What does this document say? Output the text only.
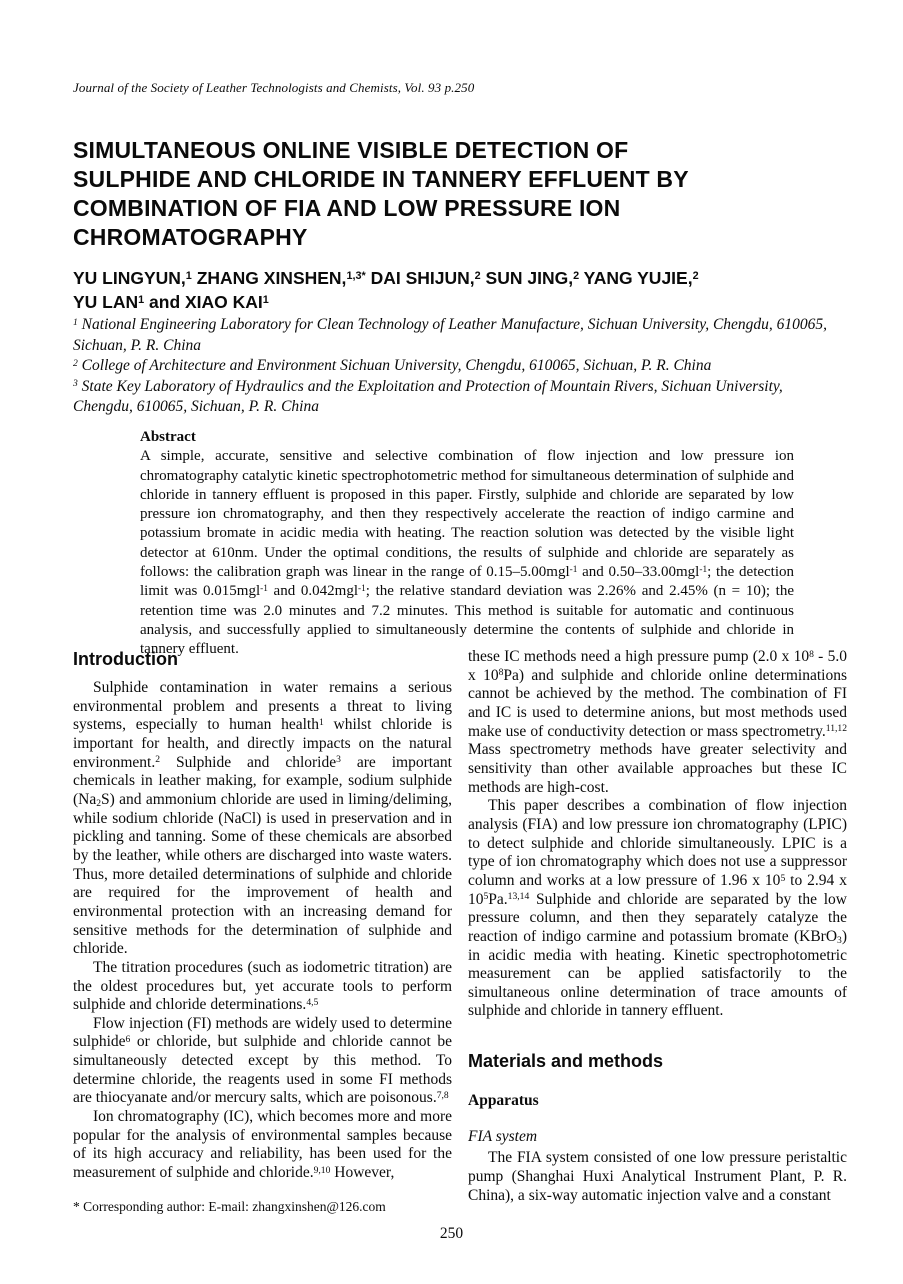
Journal of the Society of Leather Technologists and Chemists, Vol. 93 p.250
SIMULTANEOUS ONLINE VISIBLE DETECTION OF
SULPHIDE AND CHLORIDE IN TANNERY EFFLUENT BY
COMBINATION OF FIA AND LOW PRESSURE ION
CHROMATOGRAPHY
YU LINGYUN,$^1$ ZHANG XINSHEN,$^{1,3*}$ DAI SHIJUN,$^2$ SUN JING,$^2$ YANG YUJIE,$^2$
YU LAN$^1$ and XIAO KAI$^1$

$^1$ National Engineering Laboratory for Clean Technology of Leather Manufacture, Sichuan University, Chengdu, 610065, Sichuan, P. R. China

$^2$ College of Architecture and Environment Sichuan University, Chengdu, 610065, Sichuan, P. R. China

$^3$ State Key Laboratory of Hydraulics and the Exploitation and Protection of Mountain Rivers, Sichuan University, Chengdu, 610065, Sichuan, P. R. China

Abstract

A simple, accurate, sensitive and selective combination of flow injection and low pressure ion chromatography catalytic kinetic spectrophotometric method for simultaneous determination of sulphide and chloride in tannery effluent is proposed in this paper. Firstly, sulphide and chloride are separated by low pressure ion chromatography, and then they respectively accelerate the reaction of indigo carmine and potassium bromate in acidic media with heating. The reaction solution was detected by the visible light detector at 610nm. Under the optimal conditions, the results of sulphide and chloride are separately as follows: the calibration graph was linear in the range of 0.15–5.00mgl$^{-1}$ and 0.50–33.00mgl$^{-1}$; the detection limit was 0.015mgl$^{-1}$ and 0.042mgl$^{-1}$; the relative standard deviation was 2.26% and 2.45% (n = 10); the retention time was 2.0 minutes and 7.2 minutes. This method is suitable for automatic and continuous analysis, and successfully applied to simultaneously determine the contents of sulphide and chloride in tannery effluent.

Introduction

Sulphide contamination in water remains a serious environmental problem and presents a threat to living systems, especially to human health$^1$ whilst chloride is important for health, and directly impacts on the natural environment.$^2$ Sulphide and chloride$^3$ are important chemicals in leather making, for example, sodium sulphide $(Na_2S)$ and ammonium chloride are used in liming/deliming, while sodium chloride (NaCl) is used in preservation and in pickling and tanning. Some of these chemicals are absorbed by the leather, while others are discharged into waste waters. Thus, more detailed determinations of sulphide and chloride are required for the improvement of health and environmental protection with an increasing demand for sensitive methods for the determination of sulphide and chloride.

The titration procedures (such as iodometric titration) are the oldest procedures but, yet accurate tools to perform sulphide and chloride determinations.$^{4,5}$

Flow injection (FI) methods are widely used to determine sulphide$^6$ or chloride, but sulphide and chloride cannot be simultaneously detected except by this method. To determine chloride, the reagents used in some FI methods are thiocyanate and/or mercury salts, which are poisonous.$^{7,8}$

Ion chromatography (IC), which becomes more and more popular for the analysis of environmental samples because of its high accuracy and reliability, has been used for the measurement of sulphide and chloride.$^{9,10}$ However,

these IC methods need a high pressure pump (2.0 x $10^8 - 5.0$ x $10^8Pa$) and sulphide and chloride online determinations cannot be achieved by the method. The combination of FI and IC is used to determine anions, but most methods used make use of conductivity detection or mass spectrometry.$^{11,12}$ Mass spectrometry methods have greater selectivity and sensitivity than other available approaches but these IC methods are high-cost.

This paper describes a combination of flow injection analysis (FIA) and low pressure ion chromatography (LPIC) to detect sulphide and chloride simultaneously. LPIC is a type of ion chromatography which does not use a suppressor column and works at a low pressure of 1.96 x $10^5$ to 2.94 x $10^5Pa.^{13,14}$ Sulphide and chloride are separated by the low pressure column, and then they separately catalyze the reaction of indigo carmine and potassium bromate (KBrO$_3$) in acidic media with heating. Kinetic spectrophotometric measurement can be applied satisfactorily to the simultaneous online determination of trace amounts of sulphide and chloride in tannery effluent.

Materials and methods

Apparatus

FIA system

The FIA system consisted of one low pressure peristaltic pump (Shanghai Huxi Analytical Instrument Plant, P. R. China), a six-way automatic injection valve and a constant

* Corresponding author: E-mail: zhangxinshen@126.com
250
